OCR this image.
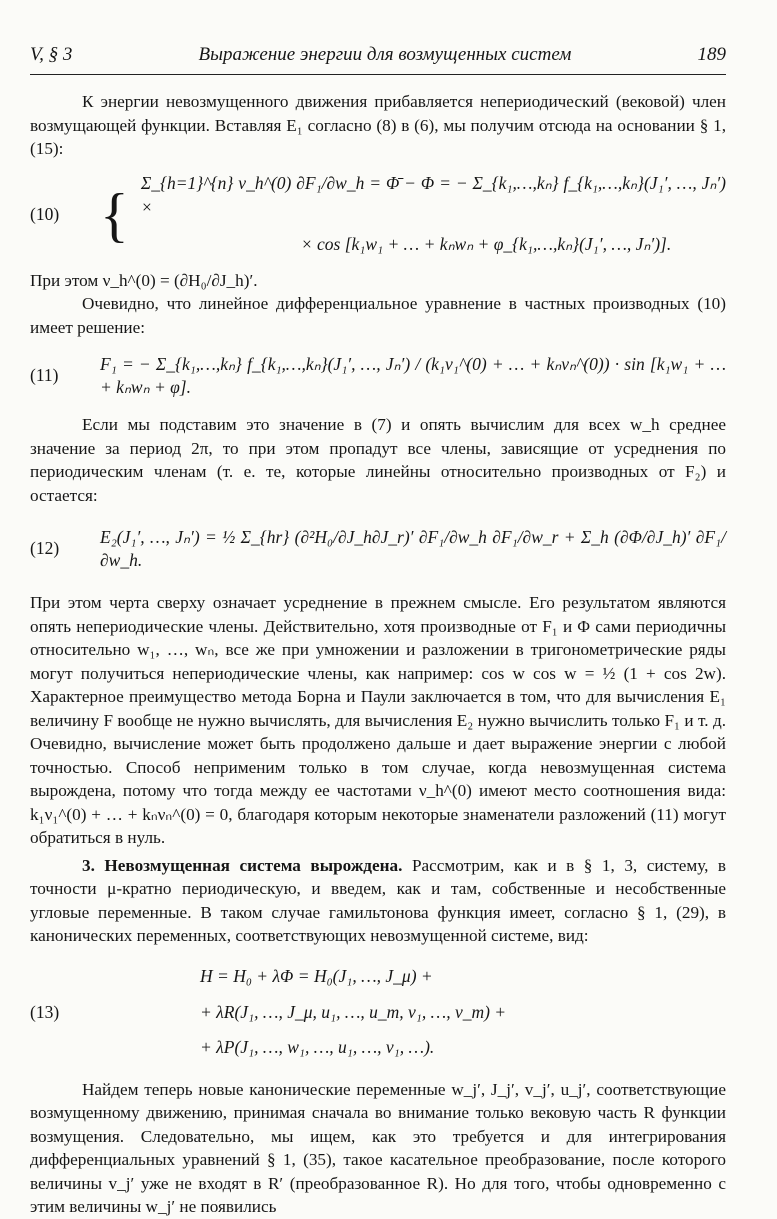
V, § 3	Выражение энергии для возмущенных систем	189

К энергии невозмущенного движения прибавляется непериодический (вековой) член возмущающей функции. Вставляя E₁ согласно (8) в (6), мы получим отсюда на основании § 1, (15):

(10) { Σ_{h=1}^{n} ν_h^(0) ∂F₁/∂w_h = Φ̄ − Φ = − Σ_{k₁,…,kₙ} f_{k₁,…,kₙ}(J₁′, …, Jₙ′) ×
× cos [k₁w₁ + … + kₙwₙ + φ_{k₁,…,kₙ}(J₁′, …, Jₙ′)].

При этом ν_h^(0) = (∂H₀/∂J_h)′.

Очевидно, что линейное дифференциальное уравнение в частных производных (10) имеет решение:

(11)
F₁ = − Σ_{k₁,…,kₙ} f_{k₁,…,kₙ}(J₁′, …, Jₙ′) / (k₁ν₁^(0) + … + kₙνₙ^(0)) · sin [k₁w₁ + … + kₙwₙ + φ].

Если мы подставим это значение в (7) и опять вычислим для всех w_h среднее значение за период 2π, то при этом пропадут все члены, зависящие от усреднения по периодическим членам (т. е. те, которые линейны относительно производных от F₂) и остается:

(12)
E₂(J₁′, …, Jₙ′) = ½ Σ_{hr} (∂²H₀/∂J_h∂J_r)′ ∂F₁/∂w_h ∂F₁/∂w_r + Σ_h (∂Φ/∂J_h)′ ∂F₁/∂w_h.

При этом черта сверху означает усреднение в прежнем смысле. Его результатом являются опять непериодические члены. Действительно, хотя производные от F₁ и Φ сами периодичны относительно w₁, …, wₙ, все же при умножении и разложении в тригонометрические ряды могут получиться непериодические члены, как например: cos w cos w = ½ (1 + cos 2w). Характерное преимущество метода Борна и Паули заключается в том, что для вычисления E₁ величину F вообще не нужно вычислять, для вычисления E₂ нужно вычислить только F₁ и т. д. Очевидно, вычисление может быть продолжено дальше и дает выражение энергии с любой точностью. Способ неприменим только в том случае, когда невозмущенная система вырождена, потому что тогда между ее частотами ν_h^(0) имеют место соотношения вида: k₁ν₁^(0) + … + kₙνₙ^(0) = 0, благодаря которым некоторые знаменатели разложений (11) могут обратиться в нуль.

3. Невозмущенная система вырождена. Рассмотрим, как и в § 1, 3, систему, в точности μ-кратно периодическую, и введем, как и там, собственные и несобственные угловые переменные. В таком случае гамильтонова функция имеет, согласно § 1, (29), в канонических переменных, соответствующих невозмущенной системе, вид:

(13)
H = H₀ + λΦ = H₀(J₁, …, J_μ) +
+ λR(J₁, …, J_μ, u₁, …, u_m, v₁, …, v_m) +
+ λP(J₁, …, w₁, …, u₁, …, v₁, …).

Найдем теперь новые канонические переменные w_j′, J_j′, v_j′, u_j′, соответствующие возмущенному движению, принимая сначала во внимание только вековую часть R функции возмущения. Следовательно, мы ищем, как это требуется и для интегрирования дифференциальных уравнений § 1, (35), такое касательное преобразование, после которого величины v_j′ уже не входят в R′ (преобразованное R). Но для того, чтобы одновременно с этим величины w_j′ не появились
